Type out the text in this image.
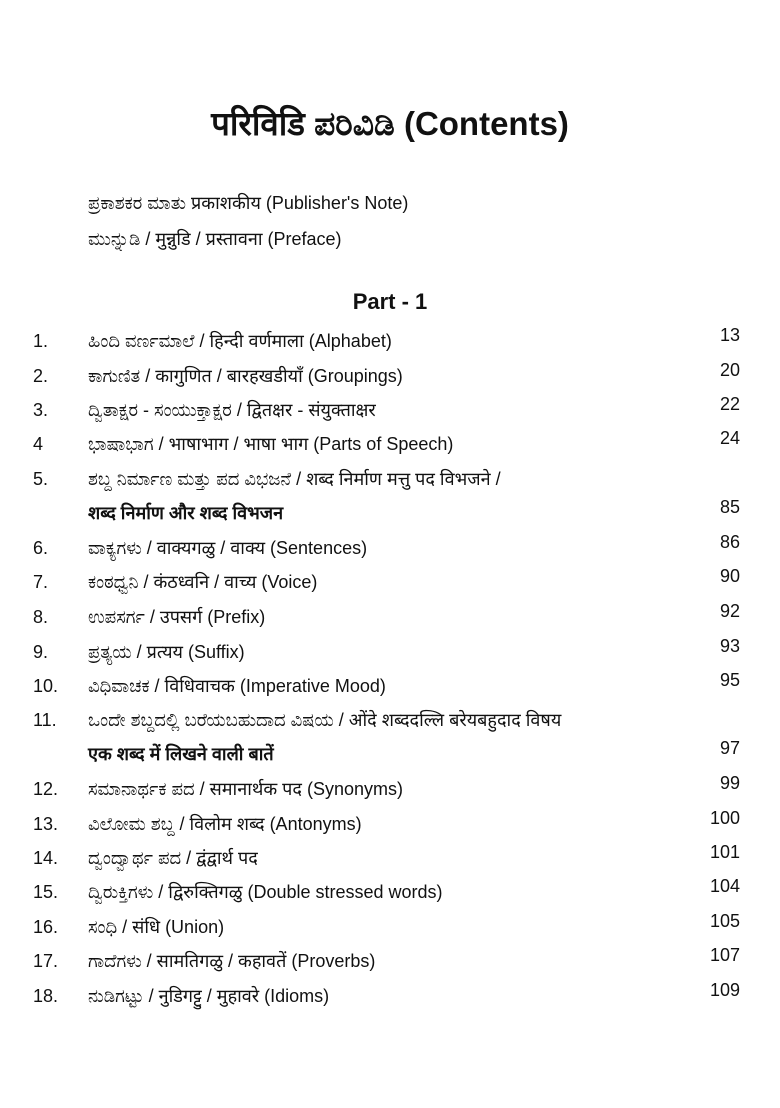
परिविडि ಪರಿವಿಡಿ (Contents)
ಪ್ರಕಾಶಕರ ಮಾತು प्रकाशकीय (Publisher's Note)
ಮುನ್ನುಡಿ / मुन्नुडि / प्रस्तावना (Preface)
Part - 1
1. ಹಿಂದಿ ವರ್ಣಮಾಲೆ / हिन्दी वर्णमाला (Alphabet)	13
2. ಕಾಗುಣಿತ / कागुणित / बारहखडीयाँ (Groupings)	20
3. ದ್ವಿತಾಕ್ಷರ - ಸಂಯುಕ್ತಾಕ್ಷರ / द्वितक्षर - संयुक्ताक्षर	22
4 ಭಾಷಾಭಾಗ / भाषाभाग / भाषा भाग (Parts of Speech)	24
5. ಶಬ್ದ ನಿರ್ಮಾಣ ಮತ್ತು ಪದ ವಿಭಜನೆ / शब्द निर्माण मत्तु पद विभजने /
शब्द निर्माण और शब्द विभजन	85
6. ವಾಕ್ಯಗಳು / वाक्यगळु / वाक्य (Sentences)	86
7. ಕಂಠಧ್ವನಿ / कंठध्वनि / वाच्य (Voice)	90
8. ಉಪಸರ್ಗ / उपसर्ग (Prefix)	92
9. ಪ್ರತ್ಯಯ / प्रत्यय (Suffix)	93
10. ವಿಧಿವಾಚಕ / विधिवाचक (Imperative Mood)	95
11. ಒಂದೇ ಶಬ್ದದಲ್ಲಿ ಬರೆಯಬಹುದಾದ ವಿಷಯ / ओंदे शब्ददल्लि बरेयबहुदाद विषय
एक शब्द में लिखने वाली बातें	97
12. ಸಮಾನಾರ್ಥಕ ಪದ / समानार्थक पद (Synonyms)	99
13. ವಿಲೋಮ ಶಬ್ದ / विलोम शब्द (Antonyms)	100
14. ದ್ವಂದ್ವಾರ್ಥ ಪದ / द्वंद्वार्थ पद	101
15. ದ್ವಿರುಕ್ತಿಗಳು / द्विरुक्तिगळु (Double stressed words)	104
16. ಸಂಧಿ / संधि (Union)	105
17. ಗಾದೆಗಳು / सामतिगळु / कहावतें (Proverbs)	107
18. ನುಡಿಗಟ್ಟು / नुडिगट्टु / मुहावरे (Idioms)	109
